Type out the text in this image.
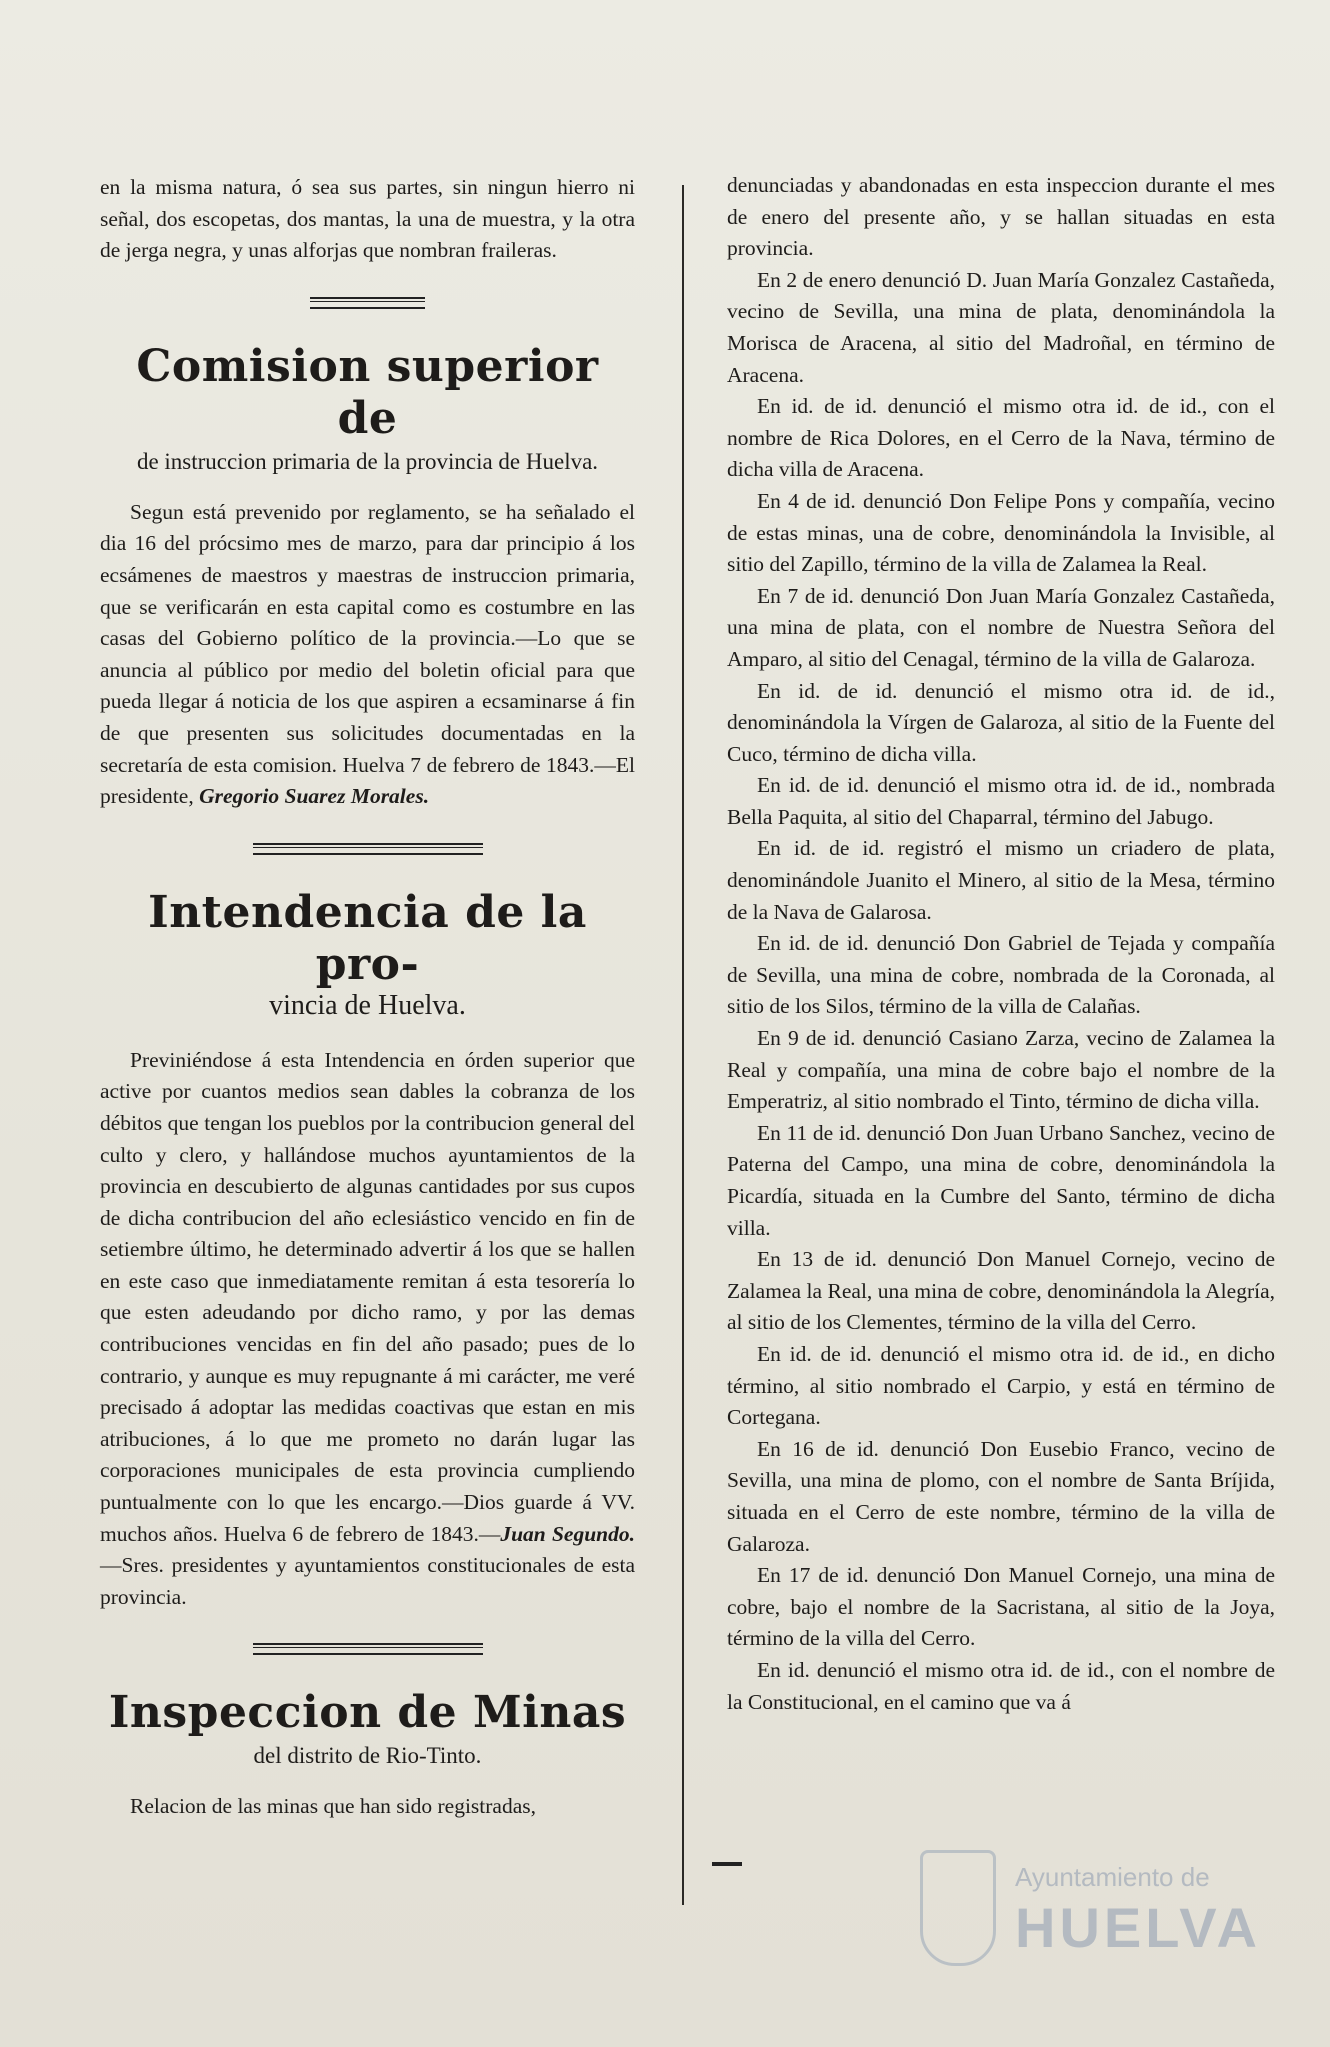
en la misma natura, ó sea sus partes, sin ningun hierro ni señal, dos escopetas, dos mantas, la una de muestra, y la otra de jerga negra, y unas alforjas que nombran fraileras.

Comision superior de
de instruccion primaria de la provincia de Huelva.

Segun está prevenido por reglamento, se ha señalado el dia 16 del prócsimo mes de marzo, para dar principio á los ecsámenes de maestros y maestras de instruccion primaria, que se verificarán en esta capital como es costumbre en las casas del Gobierno político de la provincia.—Lo que se anuncia al público por medio del boletin oficial para que pueda llegar á noticia de los que aspiren a ecsaminarse á fin de que presenten sus solicitudes documentadas en la secretaría de esta comision. Huelva 7 de febrero de 1843.—El presidente, Gregorio Suarez Morales.

Intendencia de la pro-
vincia de Huelva.

Previniéndose á esta Intendencia en órden superior que active por cuantos medios sean dables la cobranza de los débitos que tengan los pueblos por la contribucion general del culto y clero, y hallándose muchos ayuntamientos de la provincia en descubierto de algunas cantidades por sus cupos de dicha contribucion del año eclesiástico vencido en fin de setiembre último, he determinado advertir á los que se hallen en este caso que inmediatamente remitan á esta tesorería lo que esten adeudando por dicho ramo, y por las demas contribuciones vencidas en fin del año pasado; pues de lo contrario, y aunque es muy repugnante á mi carácter, me veré precisado á adoptar las medidas coactivas que estan en mis atribuciones, á lo que me prometo no darán lugar las corporaciones municipales de esta provincia cumpliendo puntualmente con lo que les encargo.—Dios guarde á VV. muchos años. Huelva 6 de febrero de 1843.—Juan Segundo.—Sres. presidentes y ayuntamientos constitucionales de esta provincia.

Inspeccion de Minas
del distrito de Rio-Tinto.

Relacion de las minas que han sido registradas,

denunciadas y abandonadas en esta inspeccion durante el mes de enero del presente año, y se hallan situadas en esta provincia.

En 2 de enero denunció D. Juan María Gonzalez Castañeda, vecino de Sevilla, una mina de plata, denominándola la Morisca de Aracena, al sitio del Madroñal, en término de Aracena.

En id. de id. denunció el mismo otra id. de id., con el nombre de Rica Dolores, en el Cerro de la Nava, término de dicha villa de Aracena.

En 4 de id. denunció Don Felipe Pons y compañía, vecino de estas minas, una de cobre, denominándola la Invisible, al sitio del Zapillo, término de la villa de Zalamea la Real.

En 7 de id. denunció Don Juan María Gonzalez Castañeda, una mina de plata, con el nombre de Nuestra Señora del Amparo, al sitio del Cenagal, término de la villa de Galaroza.

En id. de id. denunció el mismo otra id. de id., denominándola la Vírgen de Galaroza, al sitio de la Fuente del Cuco, término de dicha villa.

En id. de id. denunció el mismo otra id. de id., nombrada Bella Paquita, al sitio del Chaparral, término del Jabugo.

En id. de id. registró el mismo un criadero de plata, denominándole Juanito el Minero, al sitio de la Mesa, término de la Nava de Galarosa.

En id. de id. denunció Don Gabriel de Tejada y compañía de Sevilla, una mina de cobre, nombrada de la Coronada, al sitio de los Silos, término de la villa de Calañas.

En 9 de id. denunció Casiano Zarza, vecino de Zalamea la Real y compañía, una mina de cobre bajo el nombre de la Emperatriz, al sitio nombrado el Tinto, término de dicha villa.

En 11 de id. denunció Don Juan Urbano Sanchez, vecino de Paterna del Campo, una mina de cobre, denominándola la Picardía, situada en la Cumbre del Santo, término de dicha villa.

En 13 de id. denunció Don Manuel Cornejo, vecino de Zalamea la Real, una mina de cobre, denominándola la Alegría, al sitio de los Clementes, término de la villa del Cerro.

En id. de id. denunció el mismo otra id. de id., en dicho término, al sitio nombrado el Carpio, y está en término de Cortegana.

En 16 de id. denunció Don Eusebio Franco, vecino de Sevilla, una mina de plomo, con el nombre de Santa Bríjida, situada en el Cerro de este nombre, término de la villa de Galaroza.

En 17 de id. denunció Don Manuel Cornejo, una mina de cobre, bajo el nombre de la Sacristana, al sitio de la Joya, término de la villa del Cerro.

En id. denunció el mismo otra id. de id., con el nombre de la Constitucional, en el camino que va á

Ayuntamiento de
HUELVA
